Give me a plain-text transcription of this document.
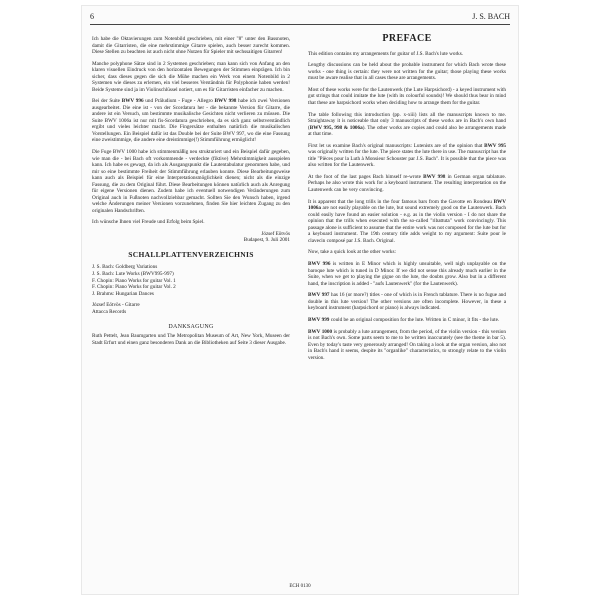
6	J. S. BACH

Ich habe die Oktavierungen zum Notenbild geschrieben, mit einer "8" unter den Bassnoten, damit die Gitarristen, die eine mehrstimmige Gitarre spielen, auch besser zurecht kommen. Diese Stellen zu beachten ist auch nicht ohne Nutzen für Spieler mit sechssaitigen Gitarren!

Manche polyphone Sätze sind in 2 Systemen geschrieben; man kann sich von Anfang an den klaren visuellen Eindruck von den horizontalen Bewegungen der Stimmen einprägen. Ich bin sicher, dass dieses gegen die sich die Mühe machen ein Werk von einem Notenbild in 2 Systemen wie dieses zu erlernen, ein viel besseres Verständnis für Polyphonie haben werden! Beide Systeme sind ja im Violinschlüssel notiert, um es für Gitarristen einfacher zu machen.

Bei der Suite BWV 996 und Präludium - Fuge - Allegro BWV 998 habe ich zwei Versionen ausgearbeitet. Die eine ist - von der Scordatura her - die bekannte Version für Gitarre, die andere ist ein Versuch, um bestimmte musikalische Gesichten nicht verlieren zu müssen. Die Suite BWV 1006a ist nur mit fis-Scordatura geschrieben, da es sich ganz selbstverständlich ergibt und vieles leichter macht. Die Fingersätze enthalten natürlich die musikalischen Vorstellungen. Ein Beispiel dafür ist das Double bei der Suite BWV 997, wo die eine Fassung eine zweistimmige, die andere eine dreistimmige(!) Stimmführung ermöglicht!

Die Fuge BWV 1000 habe ich stimmenmäßig neu strukturiert und ein Beispiel dafür gegeben, wie man die - bei Bach oft vorkommende - verdeckte (fiktive) Mehrstimmigkeit ausspielen kann. Ich habe es gewagt, da ich als Ausgangspunkt die Lautentabulatur genommen habe, und mir so eine bestimmte Freiheit der Stimmführung erlauben konnte. Diese Bearbeitungsweise kann auch als Beispiel für eine Interpretationsmöglichkeit dienen; nicht als die einzige Fassung, die zu dem Original führt. Diese Bearbeitungen können natürlich auch als Anregung für eigene Versionen dienen. Zudem habe ich eventuell notwendigen Veränderungen zum Original auch in Fußnoten nachvollziehbar gemacht. Sollten Sie den Wunsch haben, irgend welche Änderungen meiner Versionen vorzunehmen, finden Sie hier leichten Zugang zu den originalen Handschriften.

Ich wünsche Ihnen viel Freude und Erfolg beim Spiel.

József Eötvös
Budapest, 9. Juli 2001
SCHALLPLATTENVERZEICHNIS
J. S. Bach: Goldberg Variations
J. S. Bach: Lute Works (BWV995-997)
F. Chopin: Piano Works for guitar Vol. 1
F. Chopin: Piano Works for guitar Vol. 2
J. Brahms: Hungarian Dances
József Eötvös - Gitarre
Attacca Records
DANKSAGUNG

Ruth Pettelt, Jean Baumgarten und The Metropolitan Museum of Art, New York, Museen der Stadt Erfurt und einen ganz besonderen Dank an die Bibliotheken auf Seite 3 dieser Ausgabe.

PREFACE

This edition contains my arrangements for guitar of J.S. Bach's lute works.

Lengthy discussions can be held about the probable instrument for which Bach wrote these works - one thing is certain: they were not written for the guitar; those playing these works must be aware realise that in all cases these are arrangements.

Most of these works were for the Lautenwerk (the Lute Harpsichord) - a keyed instrument with gut strings that could imitate the lute (with its colourful sounds)! We should thus bear in mind that these are harpsichord works when deciding how to arrange them for the guitar.

The table following this introduction (pp. x-xiii) lists all the manuscripts known to me. Straightaway it is noticeable that only 3 manuscripts of these works are in Bach's own hand (BWV 995, 998 & 1006a). The other works are copies and could also be arrangements made at that time.

First let us examine Bach's original manuscripts: Lutenists are of the opinion that BWV 995 was originally written for the lute. The piece states the lute there in use. The manuscript has the title "Pièces pour la Luth à Monsieur Schouster par J.S. Bach". It is possible that the piece was also written for the Lautenwerk.

At the foot of the last pages Bach himself re-wrote BWV 998 in German organ tablature. Perhaps he also wrote this work for a keyboard instrument. The resulting interpretation on the Lautenwerk can be very convincing.

It is apparent that the long trills in the four famous bars from the Gavotte en Rondeau BWV 1006a are not easily playable on the lute, but sound extremely good on the Lautenwerk. Bach could easily have found an easier solution - e.g. as in the violin version - I do not share the opinion that the trills when executed with the so-called "ribattuta" work convincingly. This passage alone is sufficient to assume that the entire work was not composed for the lute but for a keyboard instrument. The 19th century title adds weight to my argument: Suite pour le clavecin composé par J.S. Bach. Original.

Now, take a quick look at the other works:

BWV 996 is written in E Minor which is highly unsuitable, well nigh unplayable on the baroque lute which is tuned in D Minor. If we did not sense this already much earlier in the Suite, when we get to playing the gigue on the lute, the doubts grow. Also but in a different hand, the inscription is added - "aufs Lautenwerk" (for the Lautenwerk).

BWV 997 has 16 (or more?) titles - one of which is in French tablature. There is no fugue and double in this lute version! The other versions are often incomplete. However, in these a keyboard instrument (harpsichord or piano) is always indicated.

BWV 999 could be an original composition for the lute. Written in C minor, it fits - the lute.

BWV 1000 is probably a lute arrangement, from the period, of the violin version - this version is not Bach's own. Some parts seem to me to be written inaccurately (see the theme in bar 5). Even by today's taste very generously arranged! On taking a look at the organ version, also not in Bach's hand it seems, despite its "organlike" characteristics, to strongly relate to the violin version.

ECH 0130
